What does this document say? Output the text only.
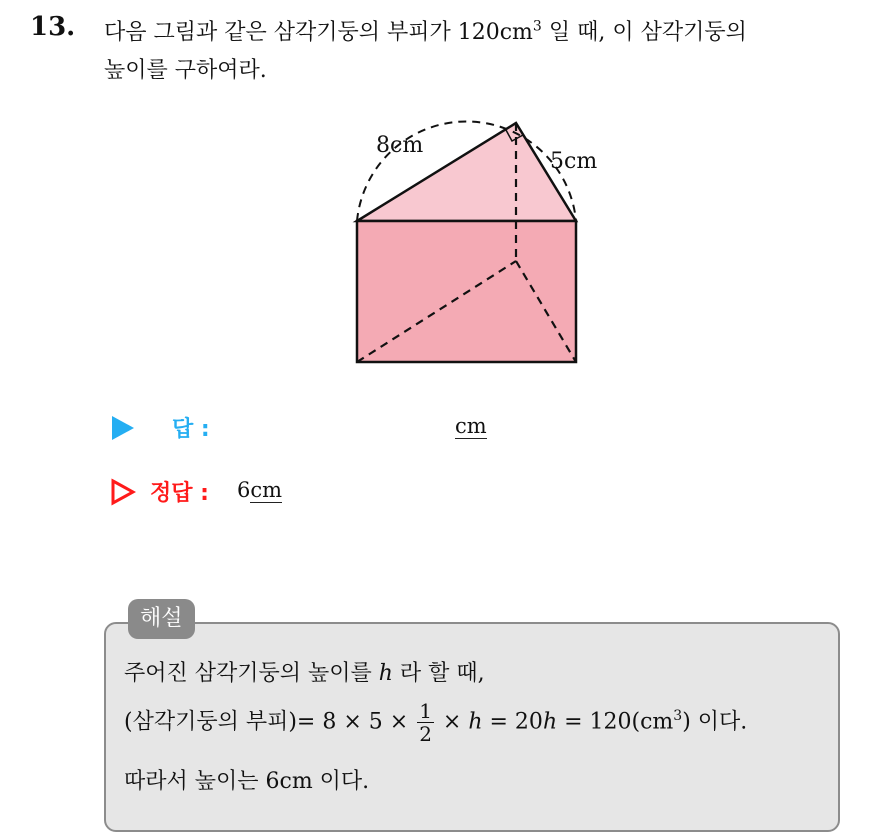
13. 다음 그림과 같은 삼각기둥의 부피가 $120cm^3$ 일 때, 이 삼각기둥의
높이를 구하여라.
8cm
5cm
답 :	cm
정답 : 6cm
해설
주어진 삼각기둥의 높이를 h 라 할 때,
(삼각기둥의 부피)= $8 \times 5 \times \frac{1}{2} \times h = 20h = 120(cm^3)$ 이다.
따라서 높이는 6cm 이다.
